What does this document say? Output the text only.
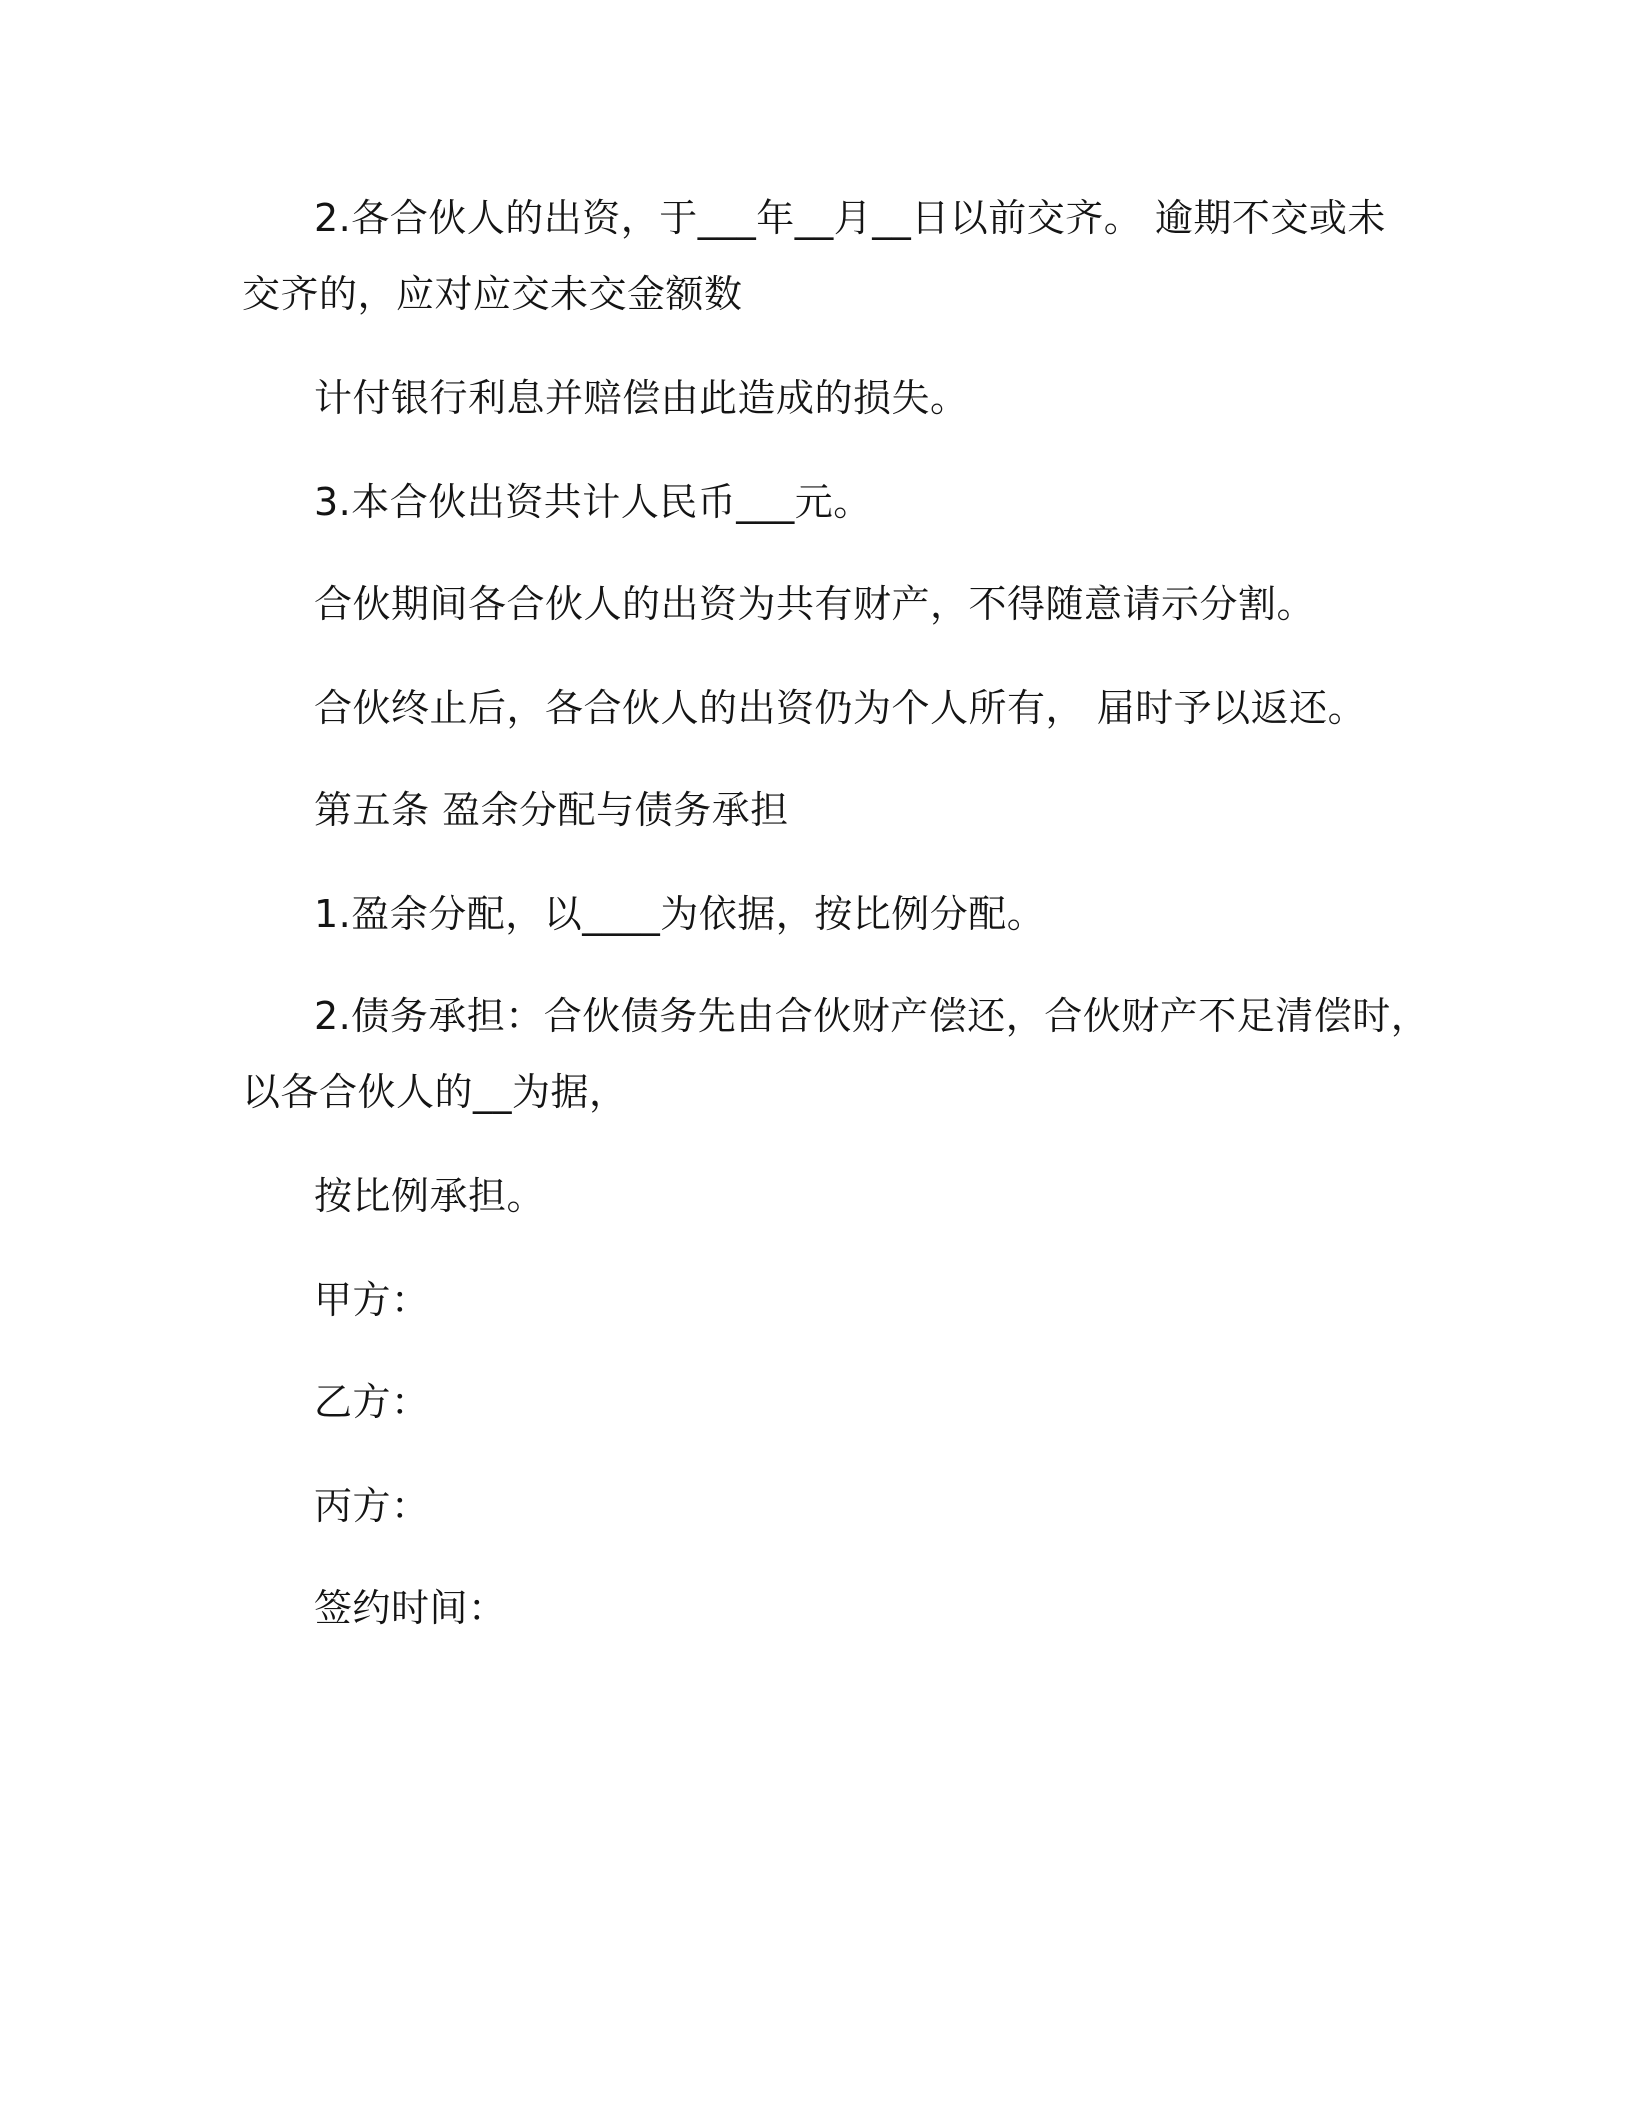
2.各合伙人的出资，于___年__月__日以前交齐。 逾期不交或未
交齐的，应对应交未交金额数
计付银行利息并赔偿由此造成的损失。
3.本合伙出资共计人民币___元。
合伙期间各合伙人的出资为共有财产，不得随意请示分割。
合伙终止后，各合伙人的出资仍为个人所有， 届时予以返还。
第五条 盈余分配与债务承担
1.盈余分配，以____为依据，按比例分配。
2.债务承担：合伙债务先由合伙财产偿还，合伙财产不足清偿时，
以各合伙人的__为据，
按比例承担。
甲方：
乙方：
丙方：
签约时间：
